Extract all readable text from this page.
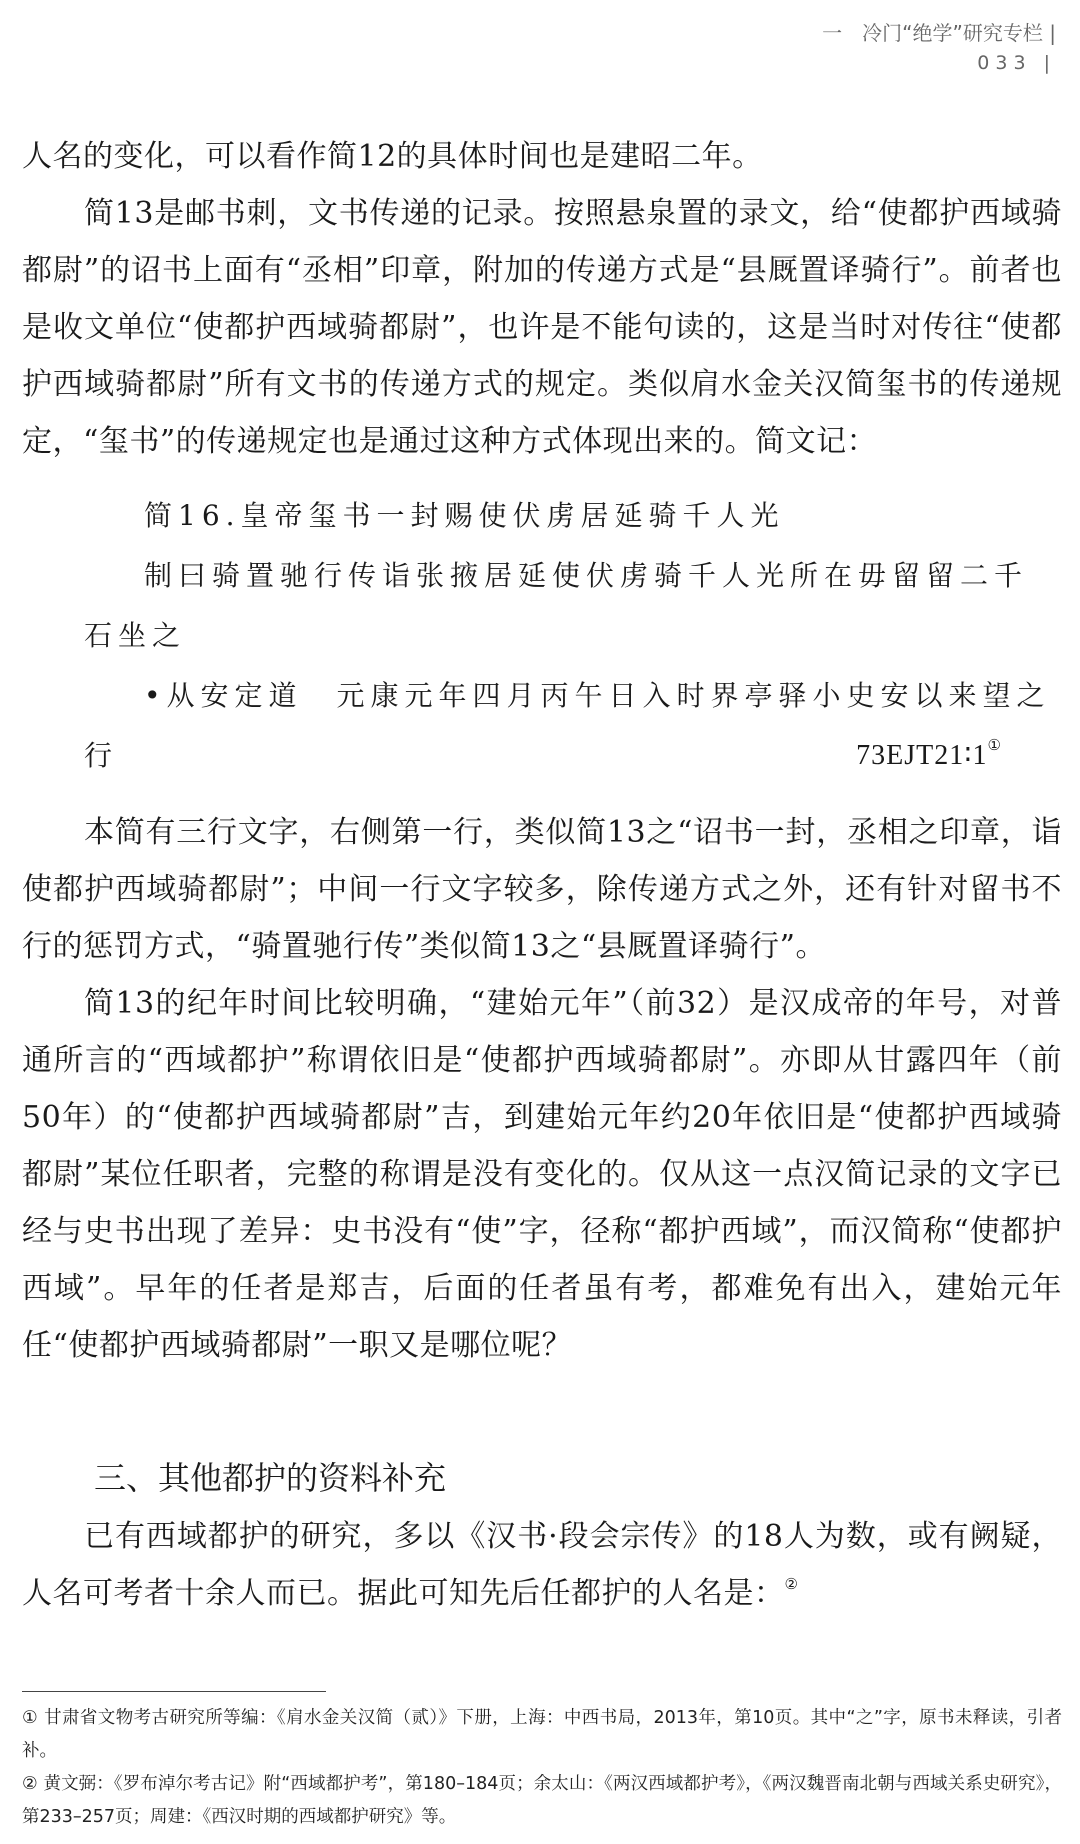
一　冷门“绝学”研究专栏 |
033 |

人名的变化，可以看作简12的具体时间也是建昭二年。

简13是邮书刺，文书传递的记录。按照悬泉置的录文，给“使都护西域骑都尉”的诏书上面有“丞相”印章，附加的传递方式是“县厩置译骑行”。前者也是收文单位“使都护西域骑都尉”，也许是不能句读的，这是当时对传往“使都护西域骑都尉”所有文书的传递方式的规定。类似肩水金关汉简玺书的传递规定，“玺书”的传递规定也是通过这种方式体现出来的。简文记：

简16.皇帝玺书一封赐使伏虏居延骑千人光
制曰骑置驰行传诣张掖居延使伏虏骑千人光所在毋留留二千
石坐之
•从安定道　元康元年四月丙午日入时界亭驿小史安以来望之
行	73EJT21∶1①

本简有三行文字，右侧第一行，类似简13之“诏书一封，丞相之印章，诣使都护西域骑都尉”；中间一行文字较多，除传递方式之外，还有针对留书不行的惩罚方式，“骑置驰行传”类似简13之“县厩置译骑行”。

简13的纪年时间比较明确，“建始元年”（前32）是汉成帝的年号，对普通所言的“西域都护”称谓依旧是“使都护西域骑都尉”。亦即从甘露四年（前50年）的“使都护西域骑都尉”吉，到建始元年约20年依旧是“使都护西域骑都尉”某位任职者，完整的称谓是没有变化的。仅从这一点汉简记录的文字已经与史书出现了差异：史书没有“使”字，径称“都护西域”，而汉简称“使都护西域”。早年的任者是郑吉，后面的任者虽有考，都难免有出入，建始元年任“使都护西域骑都尉”一职又是哪位呢？

三、其他都护的资料补充

已有西域都护的研究，多以《汉书·段会宗传》的18人为数，或有阙疑，人名可考者十余人而已。据此可知先后任都护的人名是：②

① 甘肃省文物考古研究所等编：《肩水金关汉简（贰）》下册，上海：中西书局，2013年，第10页。其中“之”字，原书未释读，引者补。

② 黄文弼：《罗布淖尔考古记》附“西域都护考”，第180–184页；余太山：《两汉西域都护考》，《两汉魏晋南北朝与西域关系史研究》，第233–257页；周建：《西汉时期的西域都护研究》等。
